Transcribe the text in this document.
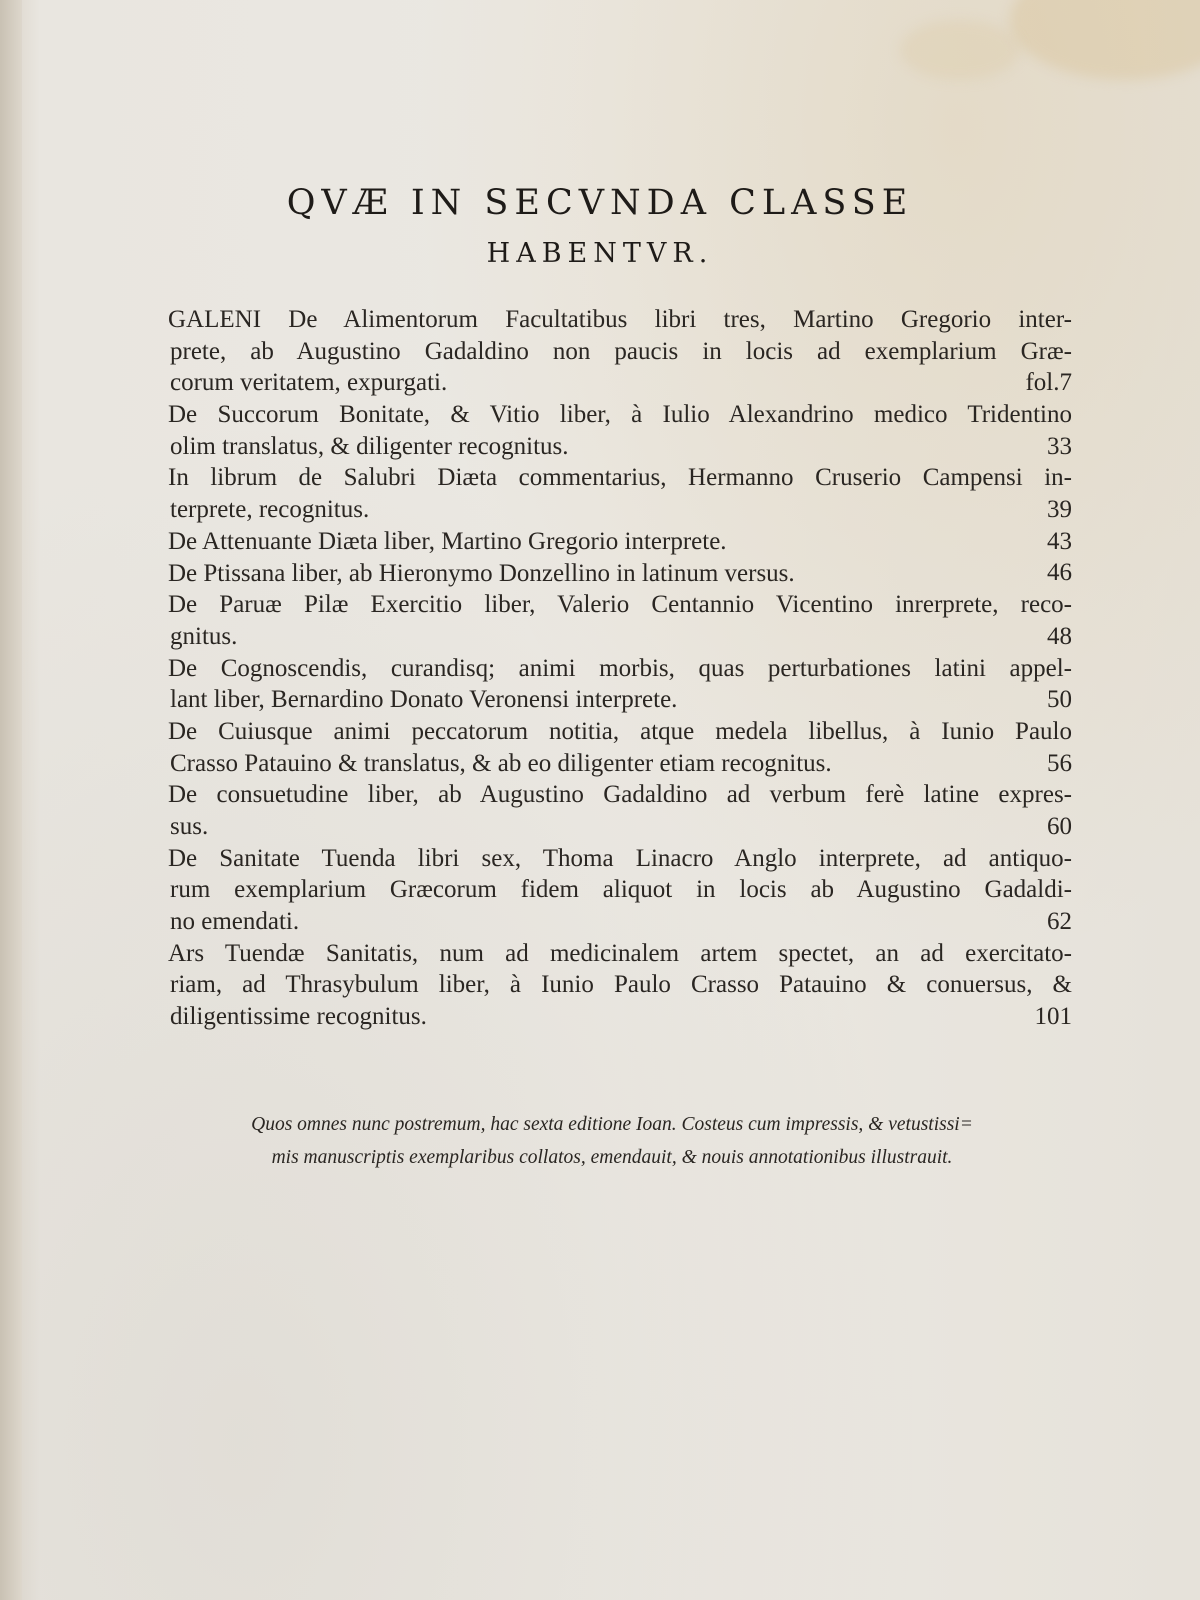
QVÆ IN SECVNDA CLASSE
HABENTVR.
GALENI De Alimentorum Facultatibus libri tres, Martino Gregorio inter-
prete, ab Augustino Gadaldino non paucis in locis ad exemplarium Græ-
corum veritatem, expurgati.	fol.7
De Succorum Bonitate, & Vitio liber, à Iulio Alexandrino medico Tridentino
olim translatus, & diligenter recognitus.	33
In librum de Salubri Diæta commentarius, Hermanno Cruserio Campensi in-
terprete, recognitus.	39
De Attenuante Diæta liber, Martino Gregorio interprete.	43
De Ptissana liber, ab Hieronymo Donzellino in latinum versus.	46
De Paruæ Pilæ Exercitio liber, Valerio Centannio Vicentino inrerprete, reco-
gnitus.	48
De Cognoscendis, curandisq; animi morbis, quas perturbationes latini appel-
lant liber, Bernardino Donato Veronensi interprete.	50
De Cuiusque animi peccatorum notitia, atque medela libellus, à Iunio Paulo
Crasso Patauino & translatus, & ab eo diligenter etiam recognitus.	56
De consuetudine liber, ab Augustino Gadaldino ad verbum ferè latine expres-
sus.	60
De Sanitate Tuenda libri sex, Thoma Linacro Anglo interprete, ad antiquo-
rum exemplarium Græcorum fidem aliquot in locis ab Augustino Gadaldi-
no emendati.	62
Ars Tuendæ Sanitatis, num ad medicinalem artem spectet, an ad exercitato-
riam, ad Thrasybulum liber, à Iunio Paulo Crasso Patauino & conuersus, &
diligentissime recognitus.	101
Quos omnes nunc postremum, hac sexta editione Ioan. Costeus cum impressis, & vetustissi=
mis manuscriptis exemplaribus collatos, emendauit, & nouis annotationibus illustrauit.
